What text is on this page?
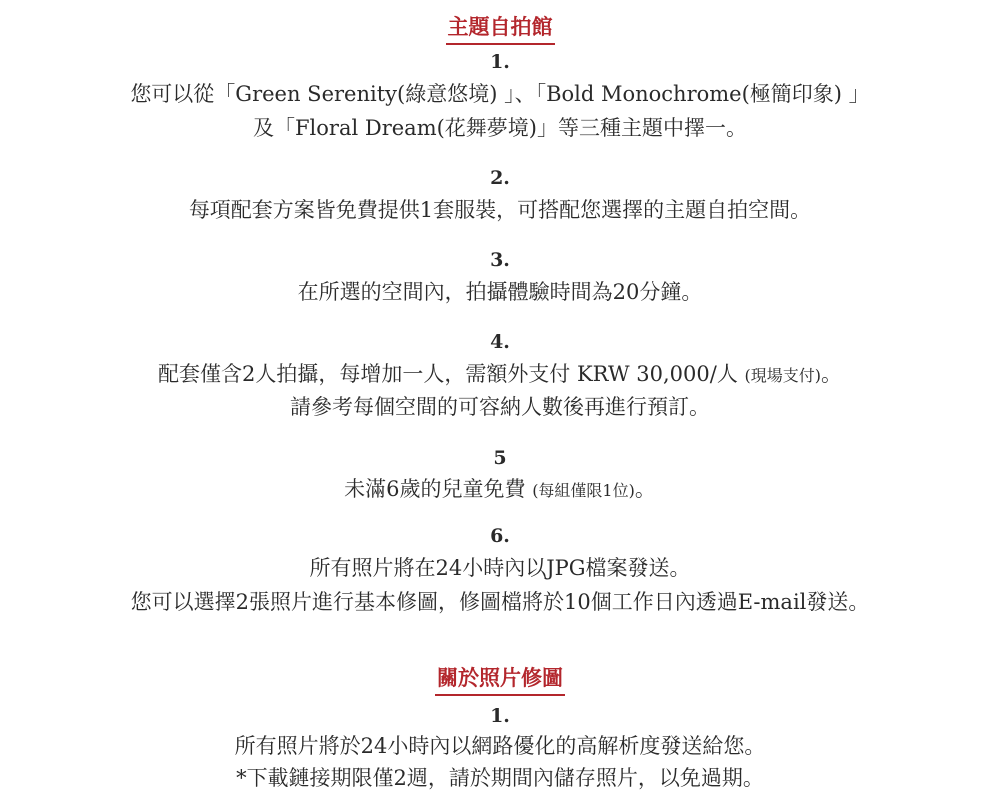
主題自拍館
1.
您可以從「Green Serenity(綠意悠境) 」、「Bold Monochrome(極簡印象) 」
及「Floral Dream(花舞夢境)」等三種主題中擇一。
2.
每項配套方案皆免費提供1套服裝，可搭配您選擇的主題自拍空間。
3.
在所選的空間內，拍攝體驗時間為20分鐘。
4.
配套僅含2人拍攝，每增加一人，需額外支付 KRW 30,000/人 (現場支付)。
請參考每個空間的可容納人數後再進行預訂。
5
未滿6歲的兒童免費 (每組僅限1位)。
6.
所有照片將在24小時內以JPG檔案發送。
您可以選擇2張照片進行基本修圖，修圖檔將於10個工作日內透過E-mail發送。
關於照片修圖
1.
所有照片將於24小時內以網路優化的高解析度發送給您。
*下載鏈接期限僅2週，請於期間內儲存照片，以免過期。
